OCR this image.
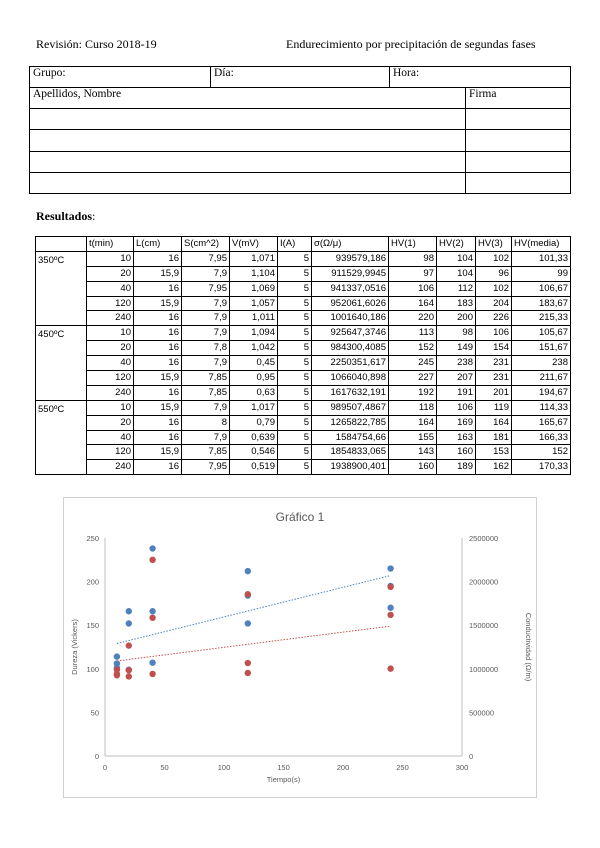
Revisión: Curso 2018-19	Endurecimiento por precipitación de segundas fases
Grupo:	Día:	Hora:	
Apellidos, Nombre			Firma

Resultados:
	t(min)	L(cm)	S(cm^2)	V(mV)	I(A)	σ(Ω/μ)	HV(1)	HV(2)	HV(3)	HV(media)
350ºC	10	16	7,95	1,071	5	939579,186	98	104	102	101,33
	20	15,9	7,9	1,104	5	911529,9945	97	104	96	99
	40	16	7,95	1,069	5	941337,0516	106	112	102	106,67
	120	15,9	7,9	1,057	5	952061,6026	164	183	204	183,67
	240	16	7,9	1,011	5	1001640,186	220	200	226	215,33
450ºC	10	16	7,9	1,094	5	925647,3746	113	98	106	105,67
	20	16	7,8	1,042	5	984300,4085	152	149	154	151,67
	40	16	7,9	0,45	5	2250351,617	245	238	231	238
	120	15,9	7,85	0,95	5	1066040,898	227	207	231	211,67
	240	16	7,85	0,63	5	1617632,191	192	191	201	194,67
550ºC	10	15,9	7,9	1,017	5	989507,4867	118	106	119	114,33
	20	16	8	0,79	5	1265822,785	164	169	164	165,67
	40	16	7,9	0,639	5	1584754,66	155	163	181	166,33
	120	15,9	7,85	0,546	5	1854833,065	143	160	153	152
	240	16	7,95	0,519	5	1938900,401	160	189	162	170,33
Gráfico 1
0	50	100	150	200	250	300
0
50
100
150
200
250
0
500000
1000000
1500000
2000000
2500000
Tiempo(s)
Dureza (Vickers)	Conductividad (Ω/m)
